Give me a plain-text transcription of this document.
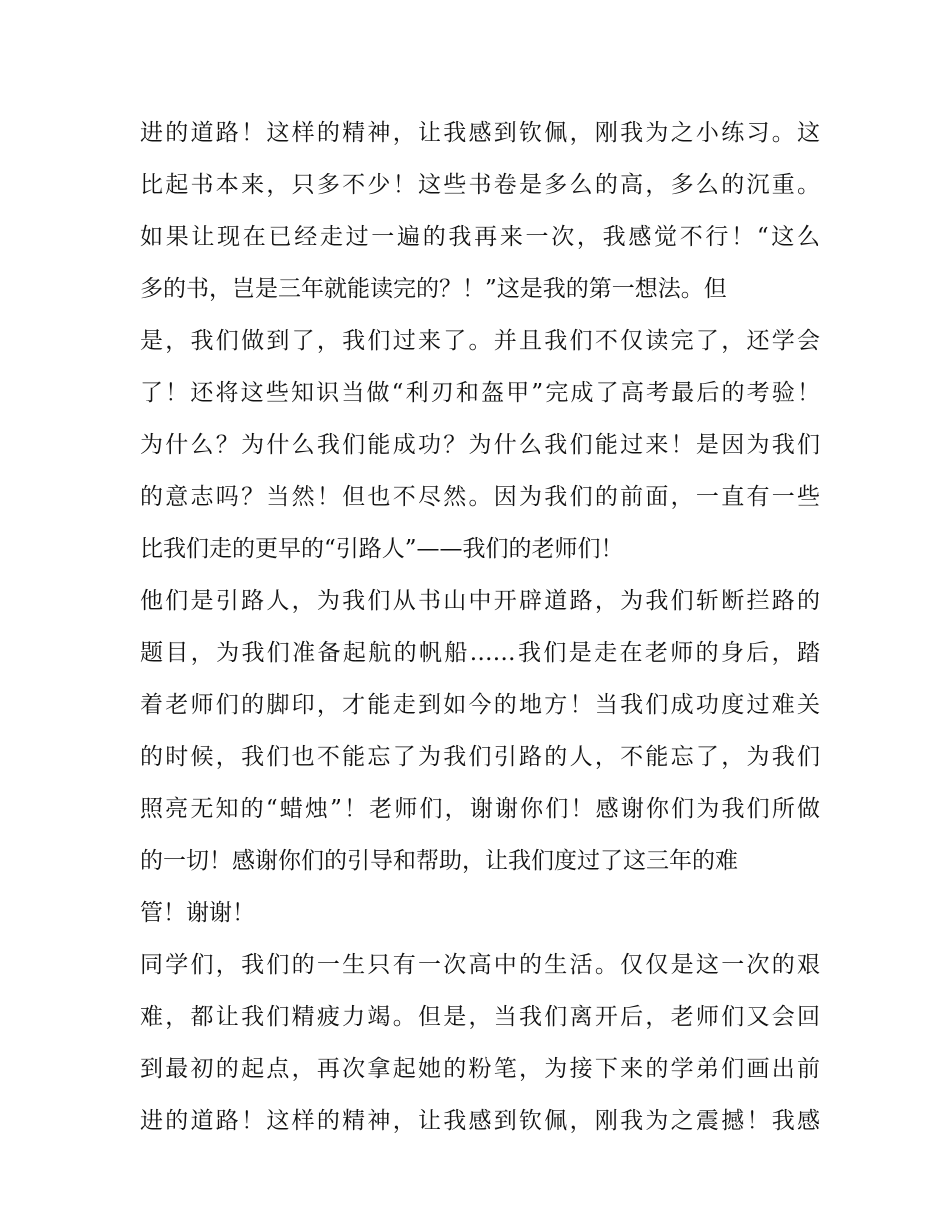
进的道路！这样的精神，让我感到钦佩，刚我为之小练习。这
比起书本来，只多不少！这些书卷是多么的高，多么的沉重。
如果让现在已经走过一遍的我再来一次，我感觉不行！“这么
多的书，岂是三年就能读完的？！”这是我的第一想法。但
是，我们做到了，我们过来了。并且我们不仅读完了，还学会
了！还将这些知识当做“利刃和盔甲”完成了高考最后的考验！
为什么？为什么我们能成功？为什么我们能过来！是因为我们
的意志吗？当然！但也不尽然。因为我们的前面，一直有一些
比我们走的更早的“引路人”——我们的老师们！
他们是引路人，为我们从书山中开辟道路，为我们斩断拦路的
题目，为我们准备起航的帆船……我们是走在老师的身后，踏
着老师们的脚印，才能走到如今的地方！当我们成功度过难关
的时候，我们也不能忘了为我们引路的人，不能忘了，为我们
照亮无知的“蜡烛”！老师们，谢谢你们！感谢你们为我们所做
的一切！感谢你们的引导和帮助，让我们度过了这三年的难
管！谢谢！
同学们，我们的一生只有一次高中的生活。仅仅是这一次的艰
难，都让我们精疲力竭。但是，当我们离开后，老师们又会回
到最初的起点，再次拿起她的粉笔，为接下来的学弟们画出前
进的道路！这样的精神，让我感到钦佩，刚我为之震撼！我感
